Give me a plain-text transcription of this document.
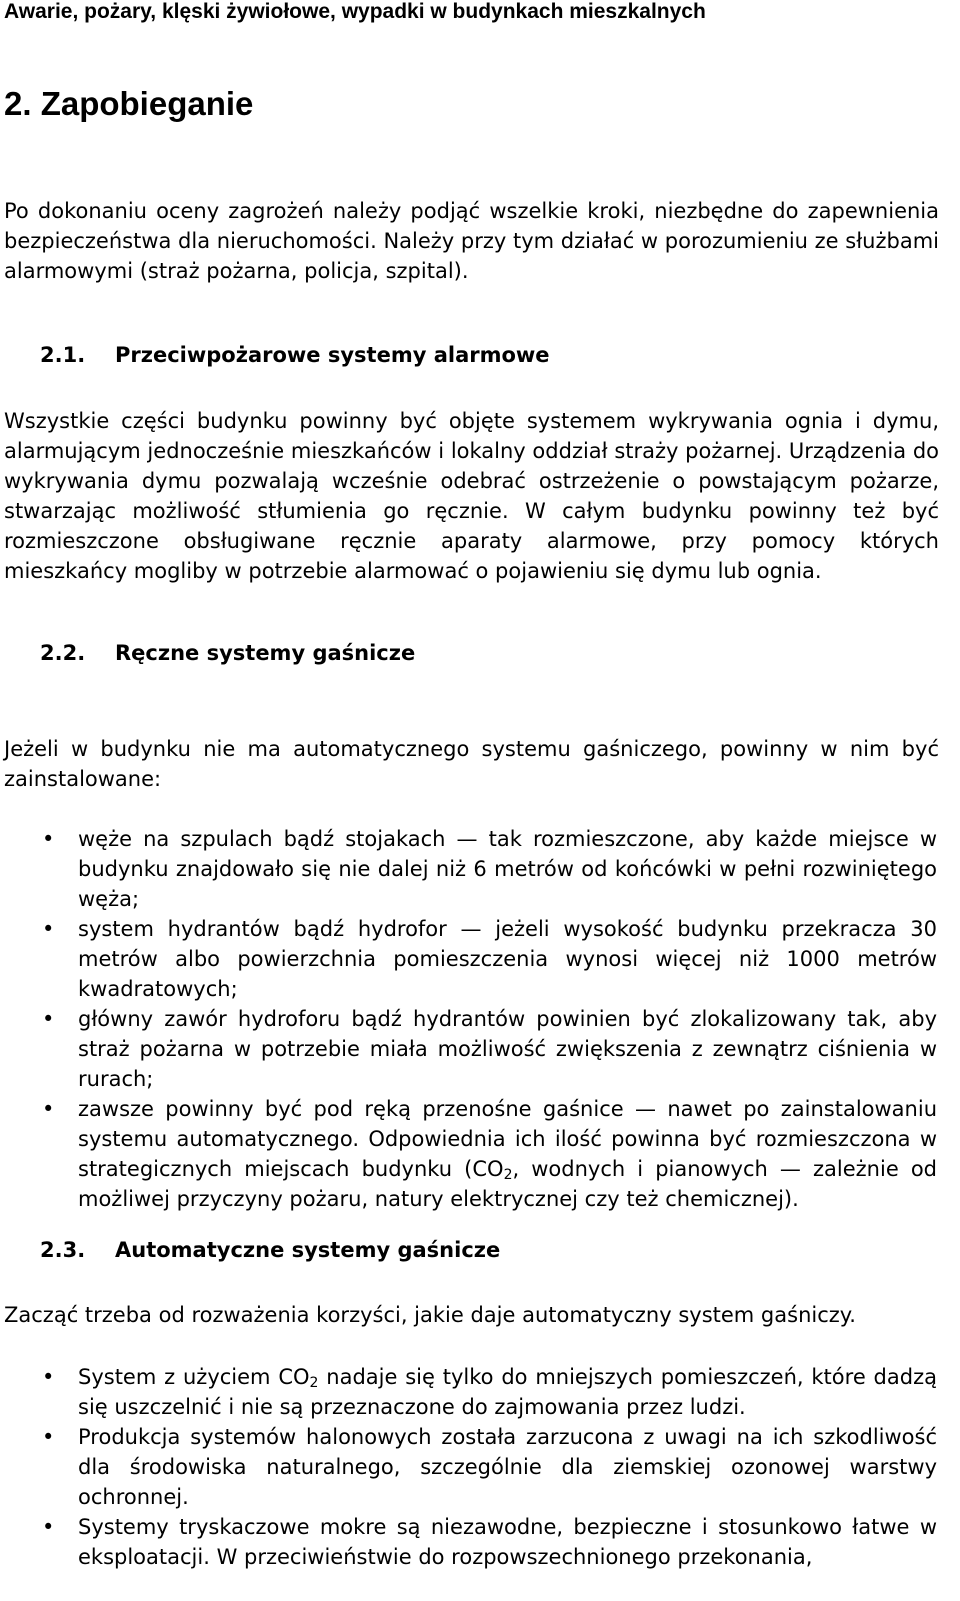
Awarie, pożary, klęski żywiołowe, wypadki w budynkach mieszkalnych
2. Zapobieganie

Po dokonaniu oceny zagrożeń należy podjąć wszelkie kroki, niezbędne do zapewnienia bezpieczeństwa dla nieruchomości. Należy przy tym działać w porozumieniu ze służbami alarmowymi (straż pożarna, policja, szpital).

2.1. Przeciwpożarowe systemy alarmowe

Wszystkie części budynku powinny być objęte systemem wykrywania ognia i dymu, alarmującym jednocześnie mieszkańców i lokalny oddział straży pożarnej. Urządzenia do wykrywania dymu pozwalają wcześnie odebrać ostrzeżenie o powstającym pożarze, stwarzając możliwość stłumienia go ręcznie. W całym budynku powinny też być rozmieszczone obsługiwane ręcznie aparaty alarmowe, przy pomocy których mieszkańcy mogliby w potrzebie alarmować o pojawieniu się dymu lub ognia.

2.2. Ręczne systemy gaśnicze

Jeżeli w budynku nie ma automatycznego systemu gaśniczego, powinny w nim być zainstalowane:

• węże na szpulach bądź stojakach — tak rozmieszczone, aby każde miejsce w budynku znajdowało się nie dalej niż 6 metrów od końcówki w pełni rozwiniętego węża;
• system hydrantów bądź hydrofor — jeżeli wysokość budynku przekracza 30 metrów albo powierzchnia pomieszczenia wynosi więcej niż 1000 metrów kwadratowych;
• główny zawór hydroforu bądź hydrantów powinien być zlokalizowany tak, aby straż pożarna w potrzebie miała możliwość zwiększenia z zewnątrz ciśnienia w rurach;
• zawsze powinny być pod ręką przenośne gaśnice — nawet po zainstalowaniu systemu automatycznego. Odpowiednia ich ilość powinna być rozmieszczona w strategicznych miejscach budynku ($CO_2$, wodnych i pianowych — zależnie od możliwej przyczyny pożaru, natury elektrycznej czy też chemicznej).
2.3. Automatyczne systemy gaśnicze

Zacząć trzeba od rozważenia korzyści, jakie daje automatyczny system gaśniczy.

• System z użyciem $CO_2$ nadaje się tylko do mniejszych pomieszczeń, które dadzą się uszczelnić i nie są przeznaczone do zajmowania przez ludzi.
• Produkcja systemów halonowych została zarzucona z uwagi na ich szkodliwość dla środowiska naturalnego, szczególnie dla ziemskiej ozonowej warstwy ochronnej.
• Systemy tryskaczowe mokre są niezawodne, bezpieczne i stosunkowo łatwe w eksploatacji. W przeciwieństwie do rozpowszechnionego przekonania,
